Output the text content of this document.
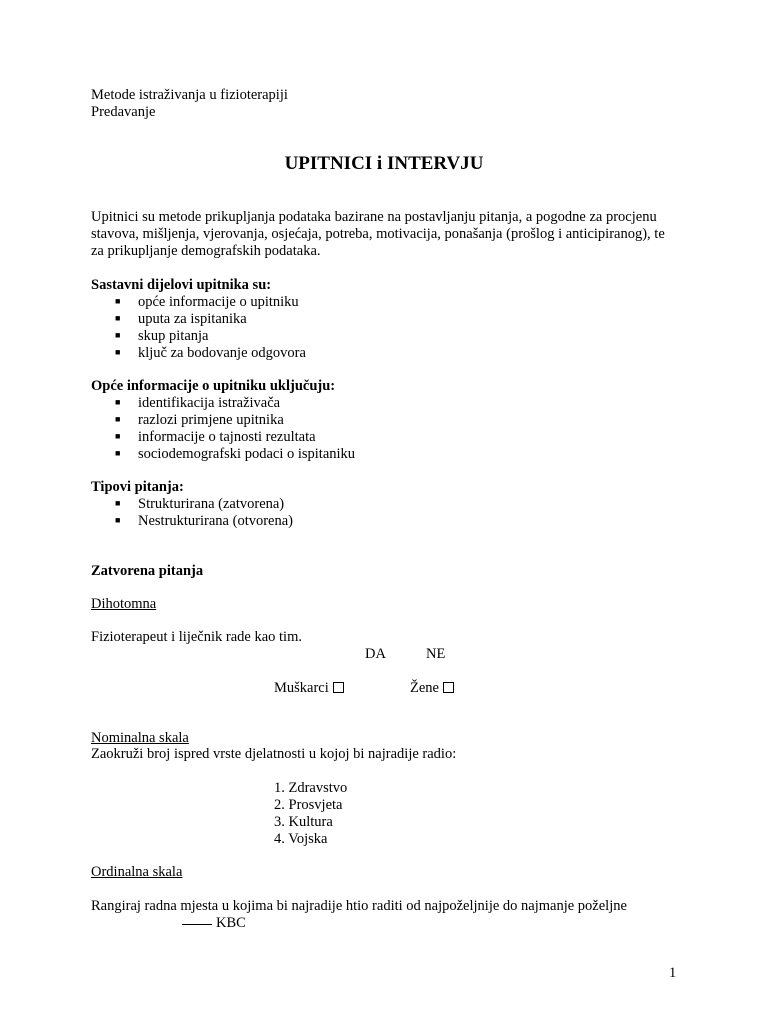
Metode istraživanja u fizioterapiji
Predavanje
UPITNICI i INTERVJU
Upitnici su metode prikupljanja podataka bazirane na postavljanju pitanja, a pogodne za procjenu stavova, mišljenja, vjerovanja, osjećaja, potreba, motivacija, ponašanja (prošlog i anticipiranog), te za prikupljanje demografskih podataka.
Sastavni dijelovi upitnika su:
■ opće informacije o upitniku
■ uputa za ispitanika
■ skup pitanja
■ ključ za bodovanje odgovora
Opće informacije o upitniku uključuju:
■ identifikacija istraživača
■ razlozi primjene upitnika
■ informacije o tajnosti rezultata
■ sociodemografski podaci o ispitaniku
Tipovi pitanja:
■ Strukturirana (zatvorena)
■ Nestrukturirana (otvorena)
Zatvorena pitanja
Dihotomna
Fizioterapeut i liječnik rade kao tim.
DA	NE
Muškarci	Žene
Nominalna skala
Zaokruži broj ispred vrste djelatnosti u kojoj bi najradije radio:
1. Zdravstvo
2. Prosvjeta
3. Kultura
4. Vojska
Ordinalna skala
Rangiraj radna mjesta u kojima bi najradije htio raditi od najpoželjnije do najmanje poželjne
KBC
1
